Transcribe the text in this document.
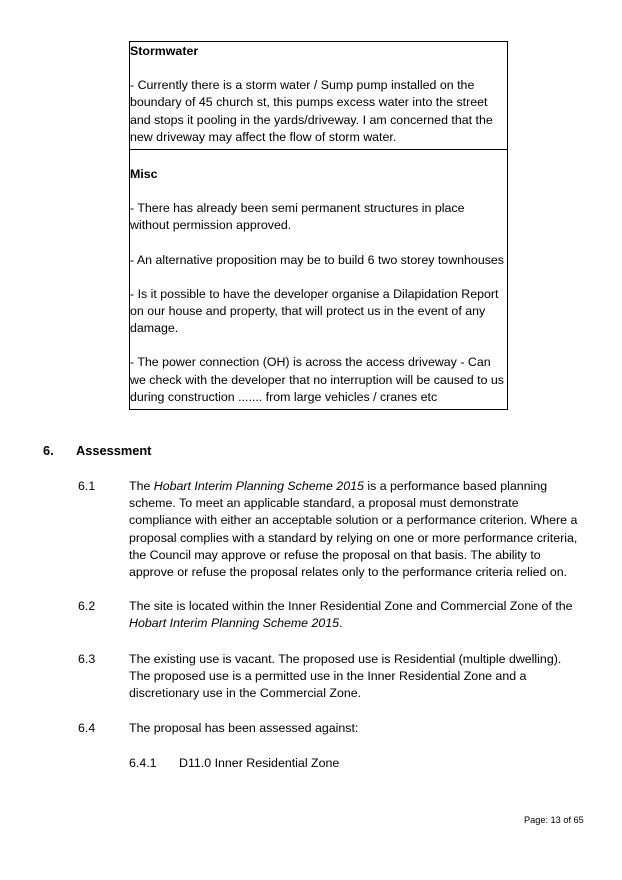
Stormwater

- Currently there is a storm water / Sump pump installed on the boundary of 45 church st, this pumps excess water into the street and stops it pooling in the yards/driveway. I am concerned that the new driveway may affect the flow of storm water.

Misc

- There has already been semi permanent structures in place without permission approved.

- An alternative proposition may be to build 6 two storey townhouses

- Is it possible to have the developer organise a Dilapidation Report on our house and property, that will protect us in the event of any damage.

- The power connection (OH) is across the access driveway - Can we check with the developer that no interruption will be caused to us during construction ....... from large vehicles / cranes etc

6. Assessment
6.1	The Hobart Interim Planning Scheme 2015 is a performance based planning scheme. To meet an applicable standard, a proposal must demonstrate compliance with either an acceptable solution or a performance criterion. Where a proposal complies with a standard by relying on one or more performance criteria, the Council may approve or refuse the proposal on that basis. The ability to approve or refuse the proposal relates only to the performance criteria relied on.

6.2	The site is located within the Inner Residential Zone and Commercial Zone of the Hobart Interim Planning Scheme 2015.

6.3	The existing use is vacant. The proposed use is Residential (multiple dwelling). The proposed use is a permitted use in the Inner Residential Zone and a discretionary use in the Commercial Zone.

6.4	The proposal has been assessed against:

6.4.1 D11.0 Inner Residential Zone
Page: 13 of 65
